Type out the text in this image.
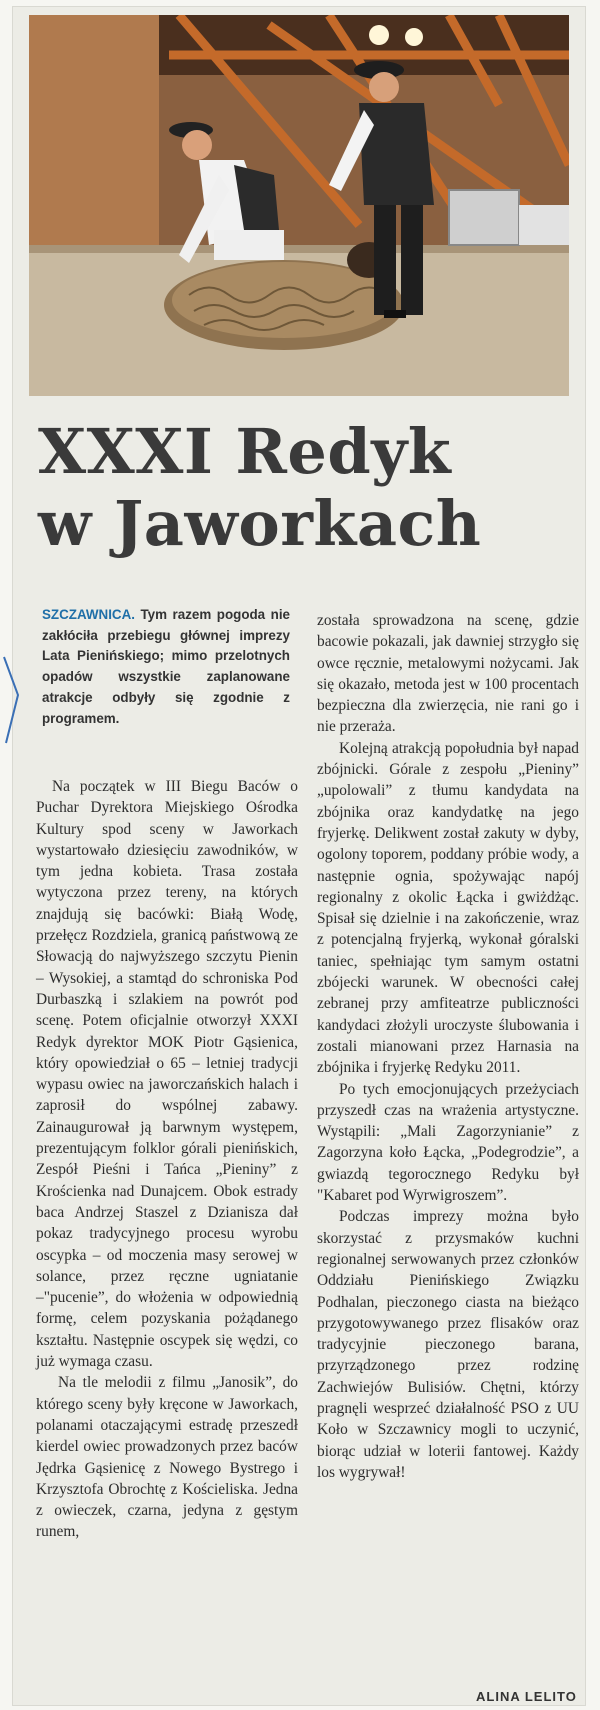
XXXI Redyk
w Jaworkach
SZCZAWNICA. Tym razem pogoda nie zakłóciła przebiegu głównej imprezy Lata Pienińskiego; mimo przelotnych opadów wszystkie zaplanowane atrakcje odbyły się zgodnie z programem.

Na początek w III Biegu Baców o Puchar Dyrektora Miejskiego Ośrodka Kultury spod sceny w Jaworkach wystartowało dziesięciu zawodników, w tym jedna kobieta. Trasa została wytyczona przez tereny, na których znajdują się bacówki: Białą Wodę, przełęcz Rozdziela, granicą państwową ze Słowacją do najwyższego szczytu Pienin – Wysokiej, a stamtąd do schroniska Pod Durbaszką i szlakiem na powrót pod scenę. Potem oficjalnie otworzył XXXI Redyk dyrektor MOK Piotr Gąsienica, który opowiedział o 65 – letniej tradycji wypasu owiec na jaworczańskich halach i zaprosił do wspólnej zabawy. Zainaugurował ją barwnym występem, prezentującym folklor górali pienińskich, Zespół Pieśni i Tańca „Pieniny” z Krościenka nad Dunajcem. Obok estrady baca Andrzej Staszel z Dzianisza dał pokaz tradycyjnego procesu wyrobu oscypka – od moczenia masy serowej w solance, przez ręczne ugniatanie –"pucenie”, do włożenia w odpowiednią formę, celem pozyskania pożądanego kształtu. Następnie oscypek się wędzi, co już wymaga czasu.

Na tle melodii z filmu „Janosik”, do którego sceny były kręcone w Jaworkach, polanami otaczającymi estradę przeszedł kierdel owiec prowadzonych przez baców Jędrka Gąsienicę z Nowego Bystrego i Krzysztofa Obrochtę z Kościeliska. Jedna z owieczek, czarna, jedyna z gęstym runem,

została sprowadzona na scenę, gdzie bacowie pokazali, jak dawniej strzygło się owce ręcznie, metalowymi nożycami. Jak się okazało, metoda jest w 100 procentach bezpieczna dla zwierzęcia, nie rani go i nie przeraża.

Kolejną atrakcją popołudnia był napad zbójnicki. Górale z zespołu „Pieniny” „upolowali” z tłumu kandydata na zbójnika oraz kandydatkę na jego fryjerkę. Delikwent został zakuty w dyby, ogolony toporem, poddany próbie wody, a następnie ognia, spożywając napój regionalny z okolic Łącka i gwiżdżąc. Spisał się dzielnie i na zakończenie, wraz z potencjalną fryjerką, wykonał góralski taniec, spełniając tym samym ostatni zbójecki warunek. W obecności całej zebranej przy amfiteatrze publiczności kandydaci złożyli uroczyste ślubowania i zostali mianowani przez Harnasia na zbójnika i fryjerkę Redyku 2011.

Po tych emocjonujących przeżyciach przyszedł czas na wrażenia artystyczne. Wystąpili: „Mali Zagorzynianie” z Zagorzyna koło Łącka, „Podegrodzie”, a gwiazdą tegorocznego Redyku był "Kabaret pod Wyrwigroszem”.

Podczas imprezy można było skorzystać z przysmaków kuchni regionalnej serwowanych przez członków Oddziału Pienińskiego Związku Podhalan, pieczonego ciasta na bieżąco przygotowywanego przez flisaków oraz tradycyjnie pieczonego barana, przyrządzonego przez rodzinę Zachwiejów Bulisiów. Chętni, którzy pragnęli wesprzeć działalność PSO z UU Koło w Szczawnicy mogli to uczynić, biorąc udział w loterii fantowej. Każdy los wygrywał!

ALINA LELITO
